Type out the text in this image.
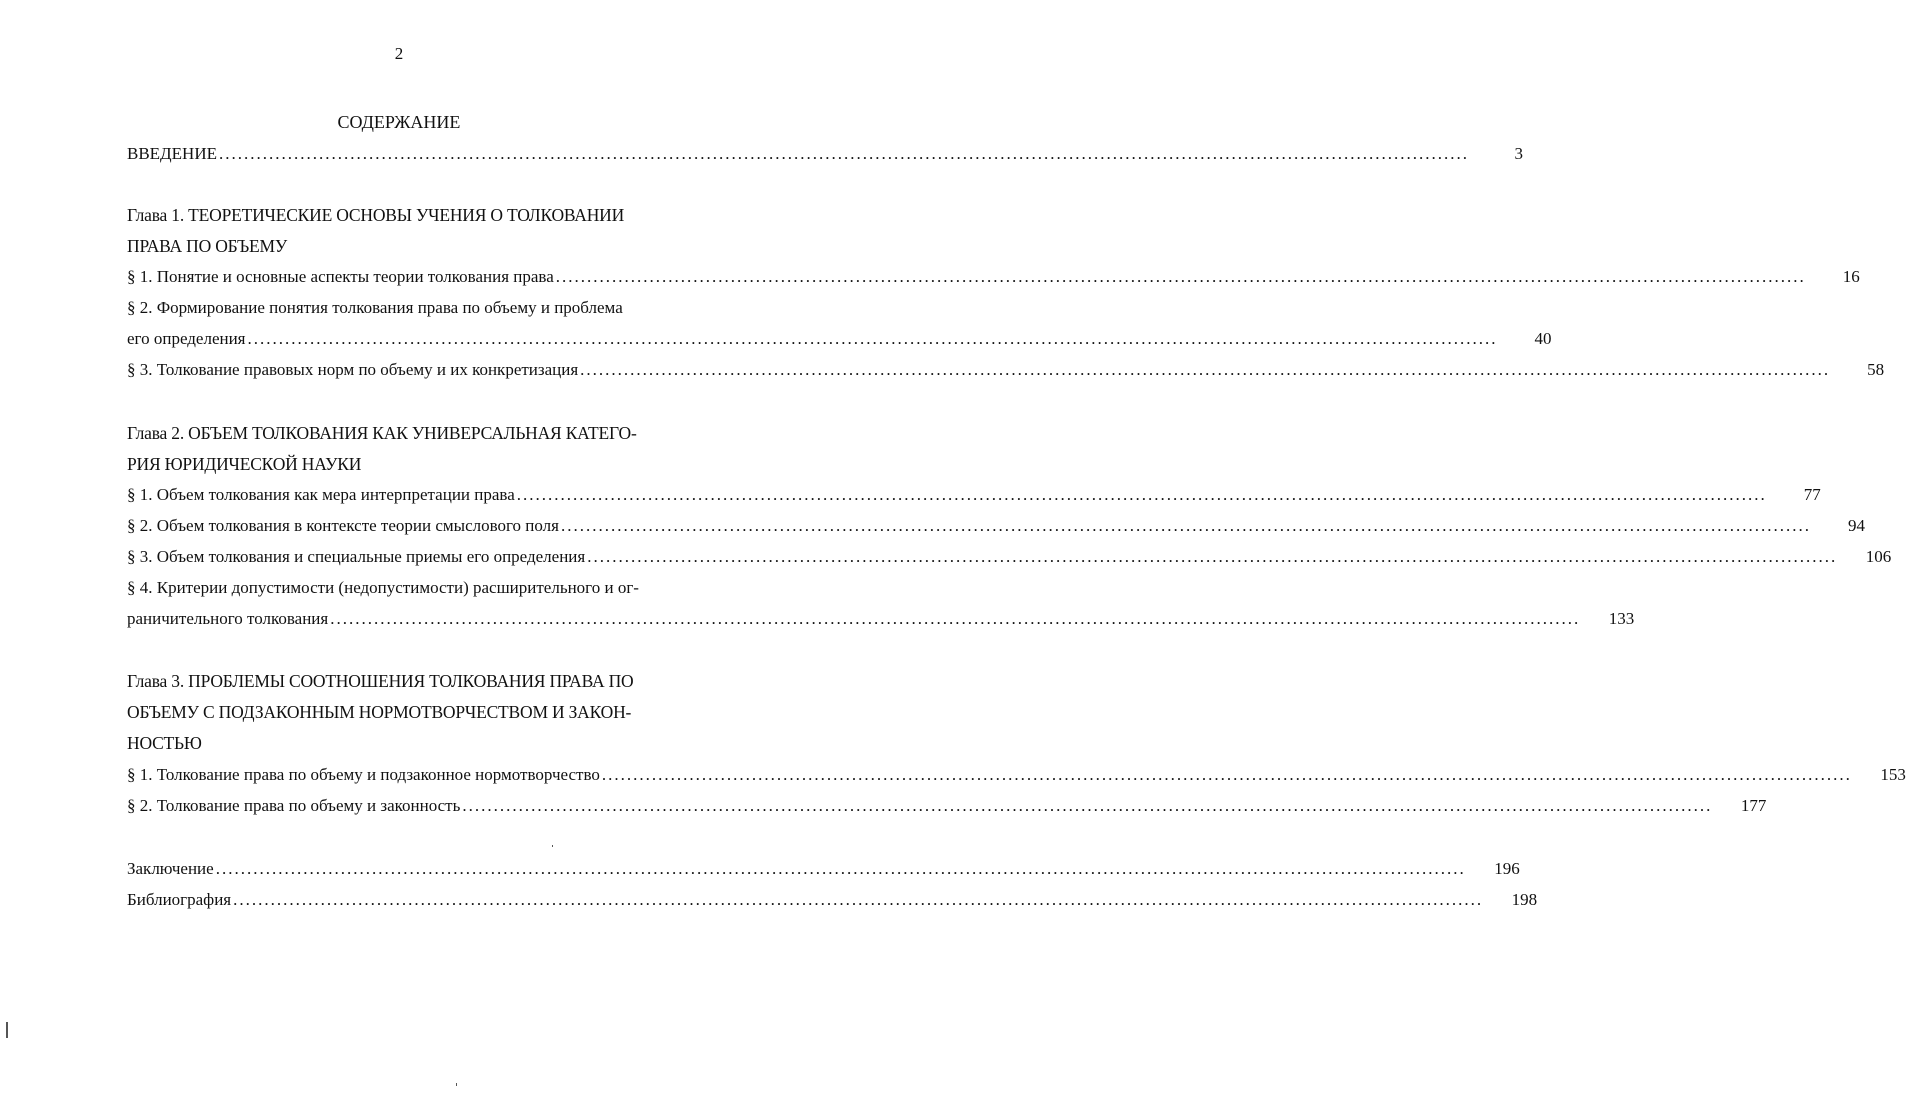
2
СОДЕРЖАНИЕ
ВВЕДЕНИЕ ........................................................................................................................................................................................................	3
Глава 1. ТЕОРЕТИЧЕСКИЕ ОСНОВЫ УЧЕНИЯ О ТОЛКОВАНИИ
ПРАВА ПО ОБЪЕМУ
§ 1. Понятие и основные аспекты теории толкования права ........................................................................................................................................................................................................	16
§ 2. Формирование понятия толкования права по объему и проблема
его определения ........................................................................................................................................................................................................	40
§ 3. Толкование правовых норм по объему и их конкретизация ........................................................................................................................................................................................................	58
Глава 2. ОБЪЕМ ТОЛКОВАНИЯ КАК УНИВЕРСАЛЬНАЯ КАТЕГО-
РИЯ ЮРИДИЧЕСКОЙ НАУКИ
§ 1. Объем толкования как мера интерпретации права ........................................................................................................................................................................................................	77
§ 2. Объем толкования в контексте теории смыслового поля ........................................................................................................................................................................................................	94
§ 3. Объем толкования и специальные приемы его определения ........................................................................................................................................................................................................	106
§ 4. Критерии допустимости (недопустимости) расширительного и ог-
раничительного толкования ........................................................................................................................................................................................................	133
Глава 3. ПРОБЛЕМЫ СООТНОШЕНИЯ ТОЛКОВАНИЯ ПРАВА ПО
ОБЪЕМУ С ПОДЗАКОННЫМ НОРМОТВОРЧЕСТВОМ И ЗАКОН-
НОСТЬЮ
§ 1. Толкование права по объему и подзаконное нормотворчество ........................................................................................................................................................................................................	153
§ 2. Толкование права по объему и законность ........................................................................................................................................................................................................	177
Заключение ........................................................................................................................................................................................................	196
Библиография ........................................................................................................................................................................................................	198
